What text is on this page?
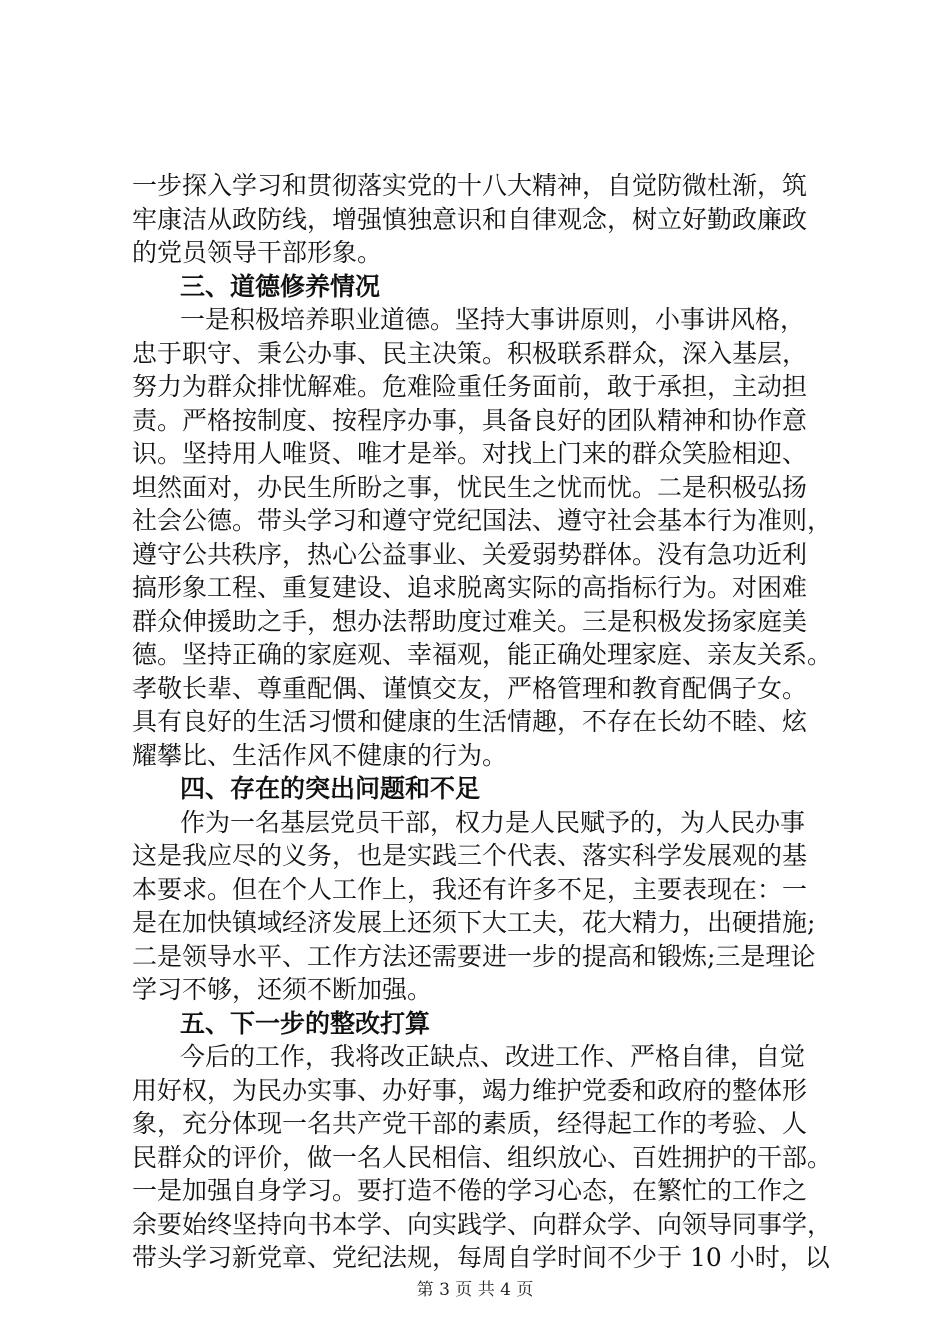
一步探入学习和贯彻落实党的十八大精神，自觉防微杜渐，筑
牢康洁从政防线，增强慎独意识和自律观念，树立好勤政廉政
的党员领导干部形象。
三、道德修养情况
一是积极培养职业道德。坚持大事讲原则，小事讲风格，
忠于职守、秉公办事、民主决策。积极联系群众，深入基层，
努力为群众排忧解难。危难险重任务面前，敢于承担，主动担
责。严格按制度、按程序办事，具备良好的团队精神和协作意
识。坚持用人唯贤、唯才是举。对找上门来的群众笑脸相迎、
坦然面对，办民生所盼之事，忧民生之忧而忧。二是积极弘扬
社会公德。带头学习和遵守党纪国法、遵守社会基本行为准则，
遵守公共秩序，热心公益事业、关爱弱势群体。没有急功近利
搞形象工程、重复建设、追求脱离实际的高指标行为。对困难
群众伸援助之手，想办法帮助度过难关。三是积极发扬家庭美
德。坚持正确的家庭观、幸福观，能正确处理家庭、亲友关系。
孝敬长辈、尊重配偶、谨慎交友，严格管理和教育配偶子女。
具有良好的生活习惯和健康的生活情趣，不存在长幼不睦、炫
耀攀比、生活作风不健康的行为。
四、存在的突出问题和不足
作为一名基层党员干部，权力是人民赋予的，为人民办事
这是我应尽的义务，也是实践三个代表、落实科学发展观的基
本要求。但在个人工作上，我还有许多不足，主要表现在：一
是在加快镇域经济发展上还须下大工夫，花大精力，出硬措施;
二是领导水平、工作方法还需要进一步的提高和锻炼;三是理论
学习不够，还须不断加强。
五、下一步的整改打算
今后的工作，我将改正缺点、改进工作、严格自律，自觉
用好权，为民办实事、办好事，竭力维护党委和政府的整体形
象，充分体现一名共产党干部的素质，经得起工作的考验、人
民群众的评价，做一名人民相信、组织放心、百姓拥护的干部。
一是加强自身学习。要打造不倦的学习心态，在繁忙的工作之
余要始终坚持向书本学、向实践学、向群众学、向领导同事学，
带头学习新党章、党纪法规，每周自学时间不少于 10 小时，以
第 3 页 共 4 页
